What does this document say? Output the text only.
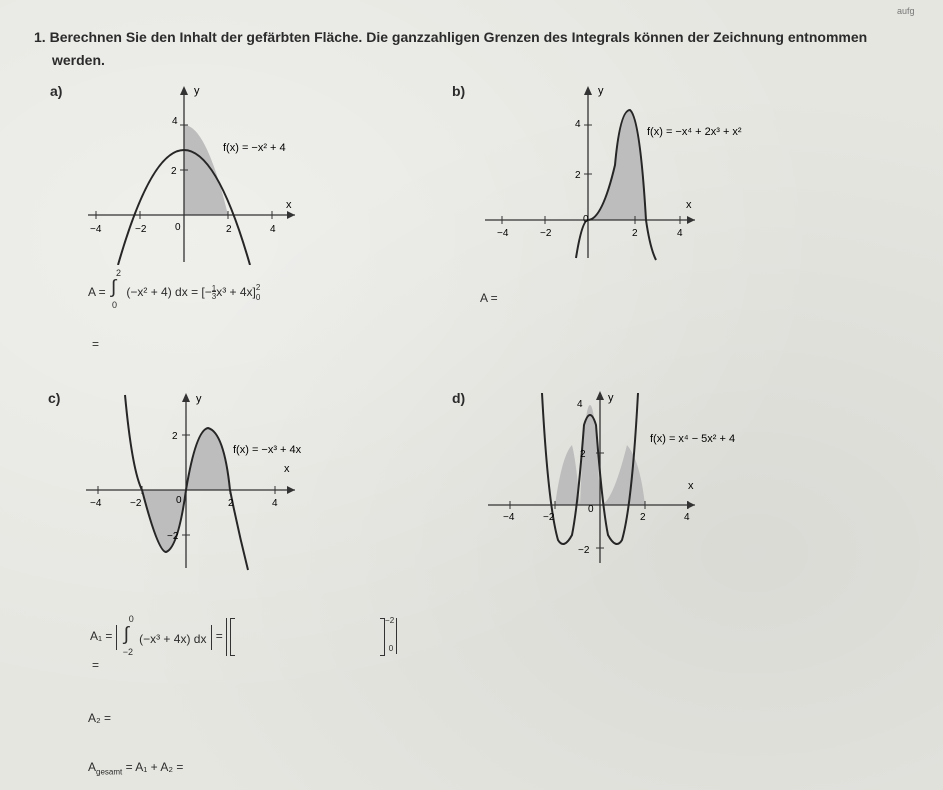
aufg
1. Berechnen Sie den Inhalt der gefärbten Fläche. Die ganzzahligen Grenzen des Integrals können der Zeichnung entnommen
werden.
a)
−4	−2	0	2	4
2
4
y
x
f(x) = −x² + 4
A = ∫
2
0
(−x² + 4) dx = $[-\frac{1}{3}x^3 + 4x]2$
0
=
b)
−4	−2
0
2	4
2
4
y
x
f(x) = −x⁴ + 2x³ + x²
A =
c)
−4	−2	0	2	4
2
−2
y
x
f(x) = −x³ + 4x
A₁ = ∫
0
−2
(−x³ + 4x) dx =
−2
0
=
A₂ =
$A_{gesamt} = A_1 + A_2$ =
d)
−4	−2
0
2	4
2
4
−2
y
x
f(x) = x⁴ − 5x² + 4
